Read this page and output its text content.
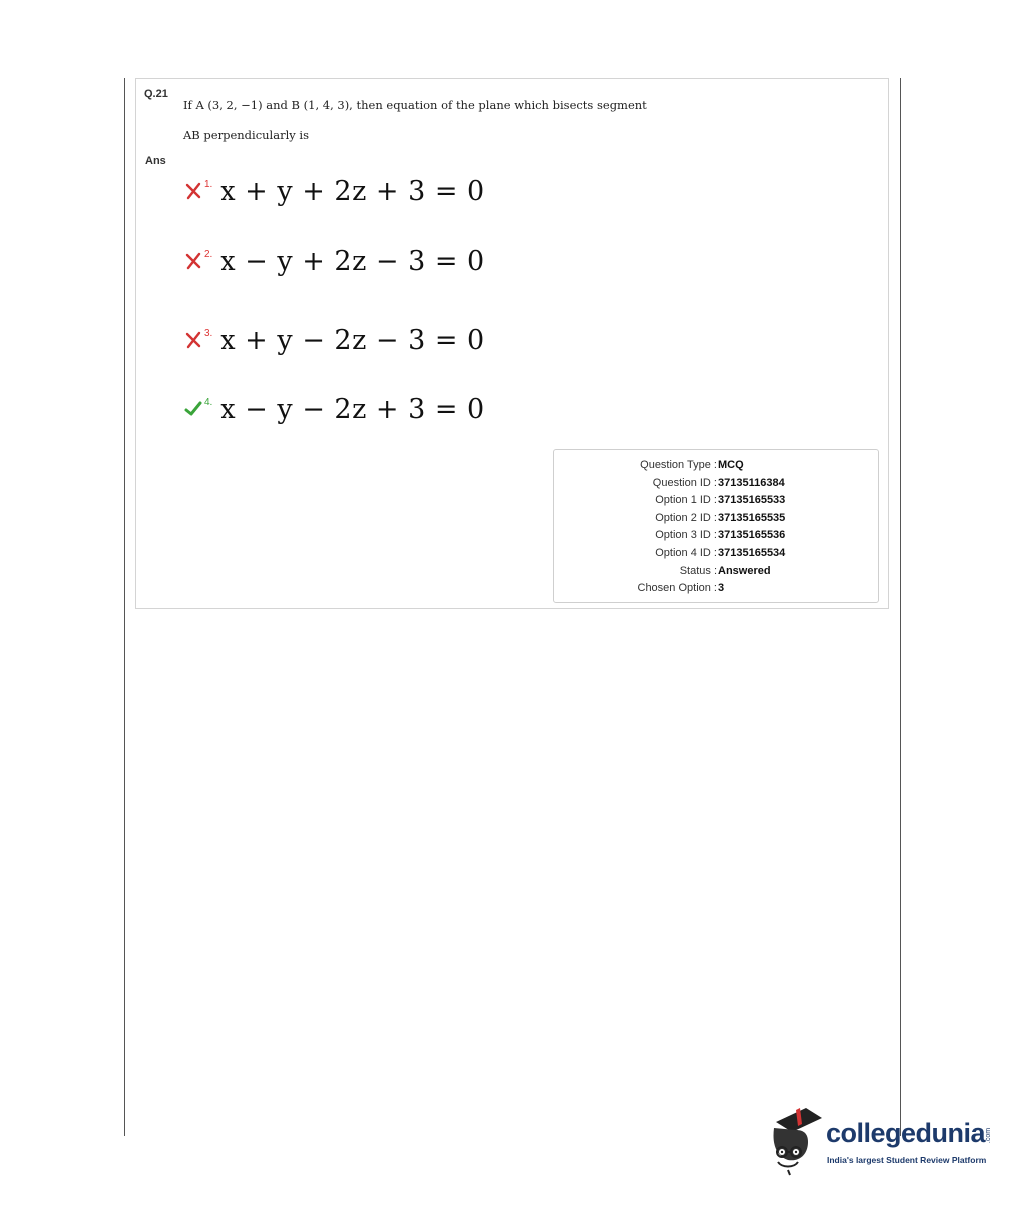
Q.21
If A (3, 2, −1) and B (1, 4, 3), then equation of the plane which bisects segment
AB perpendicularly is
Ans
1. x + y + 2z + 3 = 0
2. x − y + 2z − 3 = 0
3. x + y − 2z − 3 = 0
4. x − y − 2z + 3 = 0
Question Type : MCQ
Question ID : 37135116384
Option 1 ID : 37135165533
Option 2 ID : 37135165535
Option 3 ID : 37135165536
Option 4 ID : 37135165534
Status : Answered
Chosen Option : 3
collegedunia .com
India's largest Student Review Platform
